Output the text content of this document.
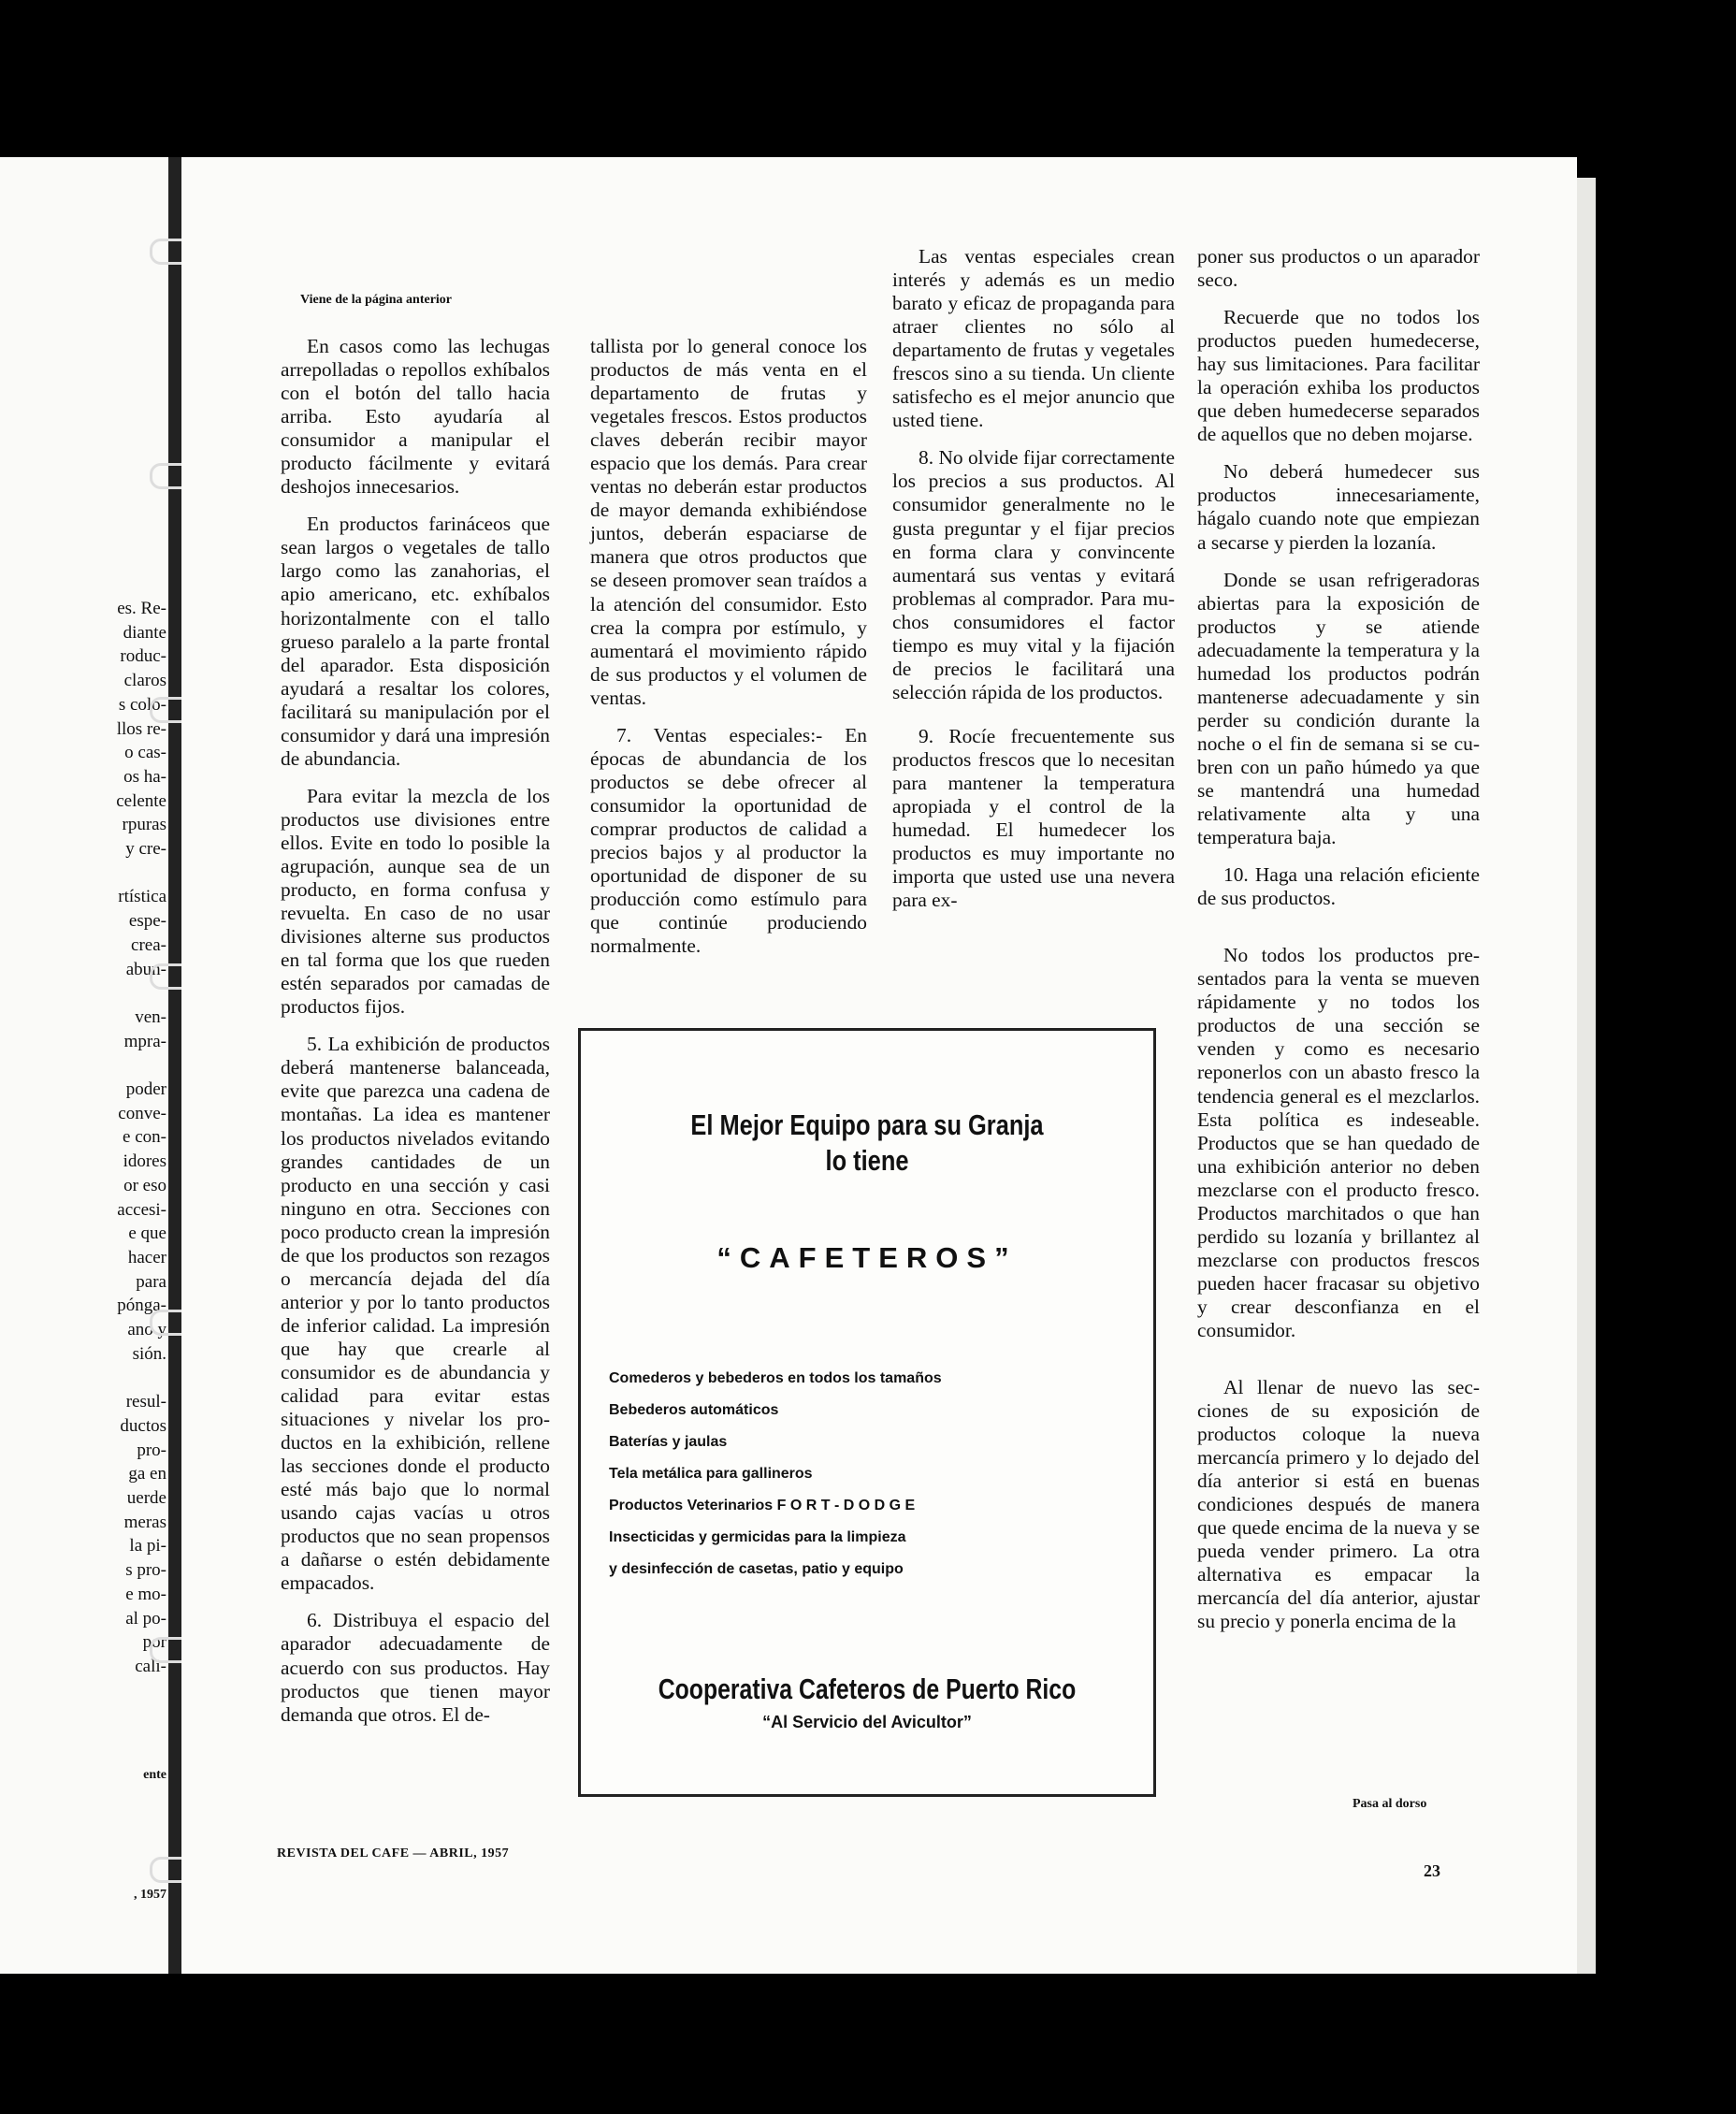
es. Re-
diante
roduc-
claros
s colo-
llos re-
o cas-
os ha-
celente
rpuras
y cre-

rtística
espe-
crea-
abun-

ven-
mpra-

poder
conve-
e con-
idores
or eso
accesi-
e que
hacer
para
pónga-
ano y
sión.

resul-
ductos
pro-
ga en
uerde
meras
la pi-
s pro-
e mo-
al po-
por
cali-
ente
, 1957
Viene de la página anterior

En casos como las lechugas arrepolladas o repollos exhíbalos con el botón del tallo hacia arriba. Esto ayudaría al consumidor a manipular el producto fácilmente y evitará deshojos innecesarios.

En productos farináceos que sean largos o vegetales de tallo largo como las zanahorias, el apio americano, etc. exhíbalos horizontalmente con el tallo grueso paralelo a la parte frontal del aparador. Esta disposición ayudará a resaltar los colores, facilitará su manipulación por el consumidor y dará una impresión de abundancia.

Para evitar la mezcla de los productos use divisiones entre ellos. Evite en todo lo posible la agrupación, aunque sea de un producto, en forma confusa y revuelta. En caso de no usar divisiones alterne sus productos en tal forma que los que rueden estén separados por camadas de productos fijos.

5. La exhibición de productos deberá mantenerse balanceada, evite que parezca una cadena de montañas. La idea es mantener los productos nivelados evitando grandes cantidades de un producto en una sección y casi ninguno en otra. Secciones con poco producto crean la impresión de que los productos son rezagos o mercancía dejada del día anterior y por lo tanto productos de inferior calidad. La impresión que hay que crearle al consumidor es de abundancia y calidad para evitar estas situaciones y nivelar los productos en la exhibición, rellene las secciones donde el producto esté más bajo que lo normal usando cajas vacías u otros productos que no sean propensos a dañarse o estén debidamente empacados.

6. Distribuya el espacio del aparador adecuadamente de acuerdo con sus productos. Hay productos que tienen mayor demanda que otros. El de-

tallista por lo general conoce los productos de más venta en el departamento de frutas y vegetales frescos. Estos productos claves deberán recibir mayor espacio que los demás. Para crear ventas no deberán estar productos de mayor demanda exhibiéndose juntos, deberán espaciarse de manera que otros productos que se deseen promover sean traídos a la atención del consumidor. Esto crea la compra por estímulo, y aumentará el movimiento rápido de sus productos y el volumen de ventas.

7. Ventas especiales:- En épocas de abundancia de los productos se debe ofrecer al consumidor la oportunidad de comprar productos de calidad a precios bajos y al productor la oportunidad de disponer de su producción como estímulo para que continúe produciendo normalmente.

Las ventas especiales crean interés y además es un medio barato y eficaz de propaganda para atraer clientes no sólo al departamento de frutas y vegetales frescos sino a su tienda. Un cliente satisfecho es el mejor anuncio que usted tiene.

8. No olvide fijar correctamente los precios a sus productos. Al consumidor generalmente no le gusta preguntar y el fijar precios en forma clara y convincente aumentará sus ventas y evitará problemas al comprador. Para muchos consumidores el factor tiempo es muy vital y la fijación de precios le facilitará una selección rápida de los productos.

9. Rocíe frecuentemente sus productos frescos que lo necesitan para mantener la temperatura apropiada y el control de la humedad. El humedecer los productos es muy importante no importa que usted use una nevera para ex-

poner sus productos o un aparador seco.

Recuerde que no todos los productos pueden humedecerse, hay sus limitaciones. Para facilitar la operación exhiba los productos que deben humedecerse separados de aquellos que no deben mojarse.

No deberá humedecer sus productos innecesariamente, hágalo cuando note que empiezan a secarse y pierden la lozanía.

Donde se usan refrigeradoras abiertas para la exposición de productos y se atiende adecuadamente la temperatura y la humedad los productos podrán mantenerse adecuadamente y sin perder su condición durante la noche o el fin de semana si se cubren con un paño húmedo ya que se mantendrá una humedad relativamente alta y una temperatura baja.

10. Haga una relación eficiente de sus productos.

No todos los productos presentados para la venta se mueven rápidamente y no todos los productos de una sección se venden y como es necesario reponerlos con un abasto fresco la tendencia general es el mezclarlos. Esta política es indeseable. Productos que se han quedado de una exhibición anterior no deben mezclarse con el producto fresco. Productos marchitados o que han perdido su lozanía y brillantez al mezclarse con productos frescos pueden hacer fracasar su objetivo y crear desconfianza en el consumidor.

Al llenar de nuevo las secciones de su exposición de productos coloque la nueva mercancía primero y lo dejado del día anterior si está en buenas condiciones después de manera que quede encima de la nueva y se pueda vender primero. La otra alternativa es empacar la mercancía del día anterior, ajustar su precio y ponerla encima de la

El Mejor Equipo para su Granja
lo tiene
“CAFETEROS”
Comederos y bebederos en todos los tamaños
Bebederos automáticos
Baterías y jaulas
Tela metálica para gallineros
Productos Veterinarios F O R T - D O D G E
Insecticidas y germicidas para la limpieza
y desinfección de casetas, patio y equipo
Cooperativa Cafeteros de Puerto Rico
“Al Servicio del Avicultor”
Pasa al dorso
REVISTA DEL CAFE — ABRIL, 1957
23
